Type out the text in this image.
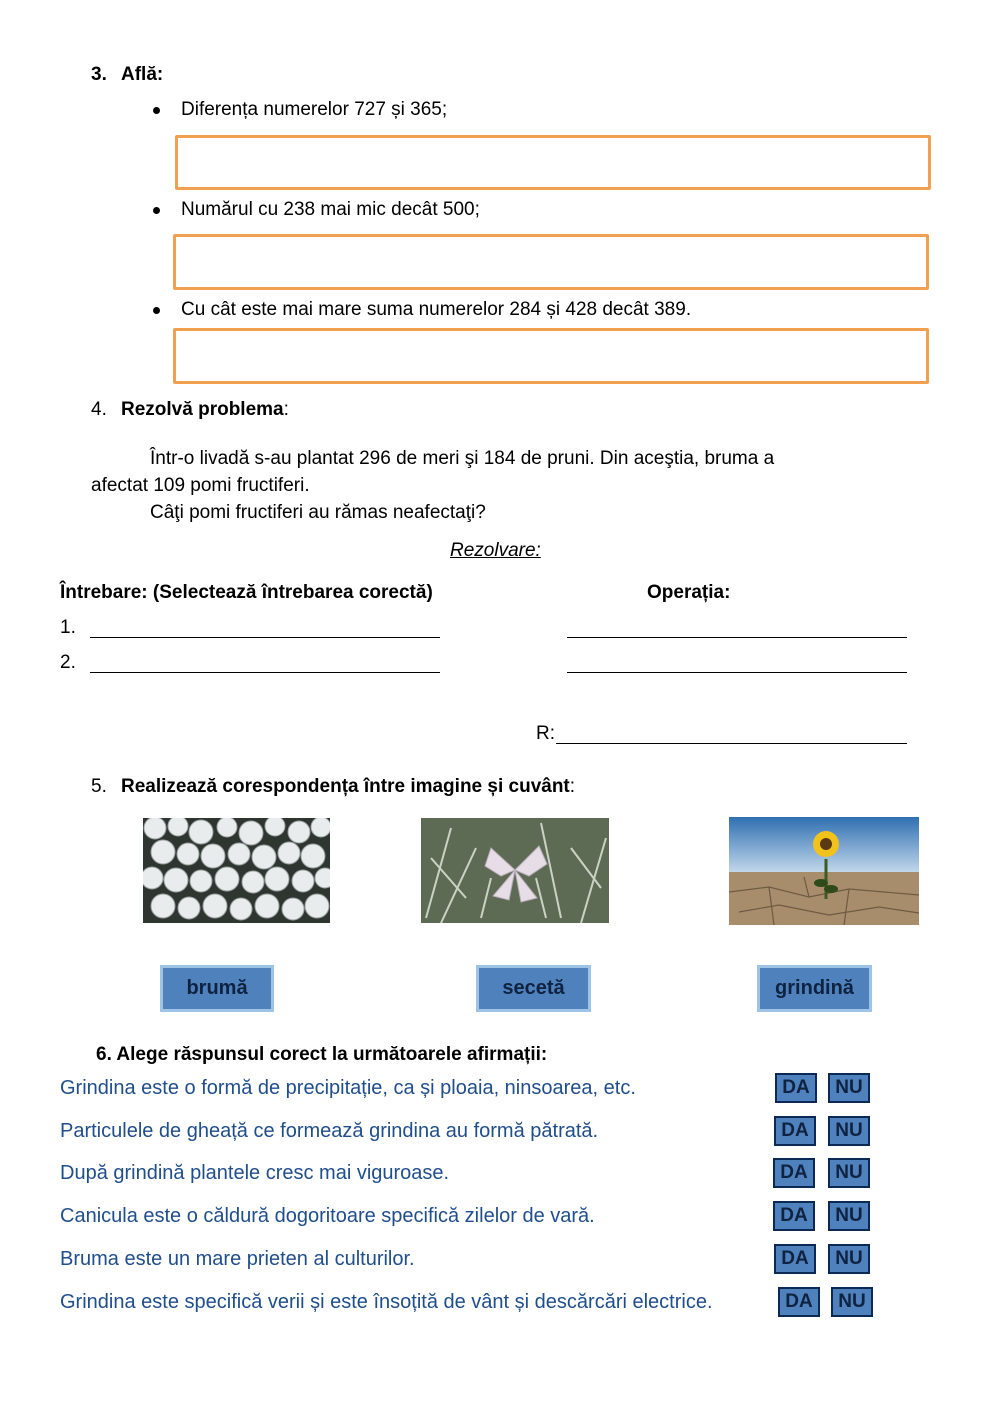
3. Află:
Diferența numerelor 727 și 365;
Numărul cu 238 mai mic decât 500;
Cu cât este mai mare suma numerelor 284 și 428 decât 389.
4. Rezolvă problema:
Într-o livadă s-au plantat 296 de meri şi 184 de pruni. Din aceştia, bruma a
afectat 109 pomi fructiferi.
Câţi pomi fructiferi au rămas neafectaţi?
Rezolvare:
Întrebare: (Selectează întrebarea corectă)	Operația:
1.
2.
R:
5. Realizează corespondența între imagine și cuvânt:
brumă	secetă	grindină
6. Alege răspunsul corect la următoarele afirmații:
Grindina este o formă de precipitație, ca și ploaia, ninsoarea, etc.	DA	NU
Particulele de gheață ce formează grindina au formă pătrată.	DA	NU
După grindină plantele cresc mai viguroase.	DA	NU
Canicula este o căldură dogoritoare specifică zilelor de vară.	DA	NU
Bruma este un mare prieten al culturilor.	DA	NU
Grindina este specifică verii și este însoțită de vânt și descărcări electrice.	DA	NU
